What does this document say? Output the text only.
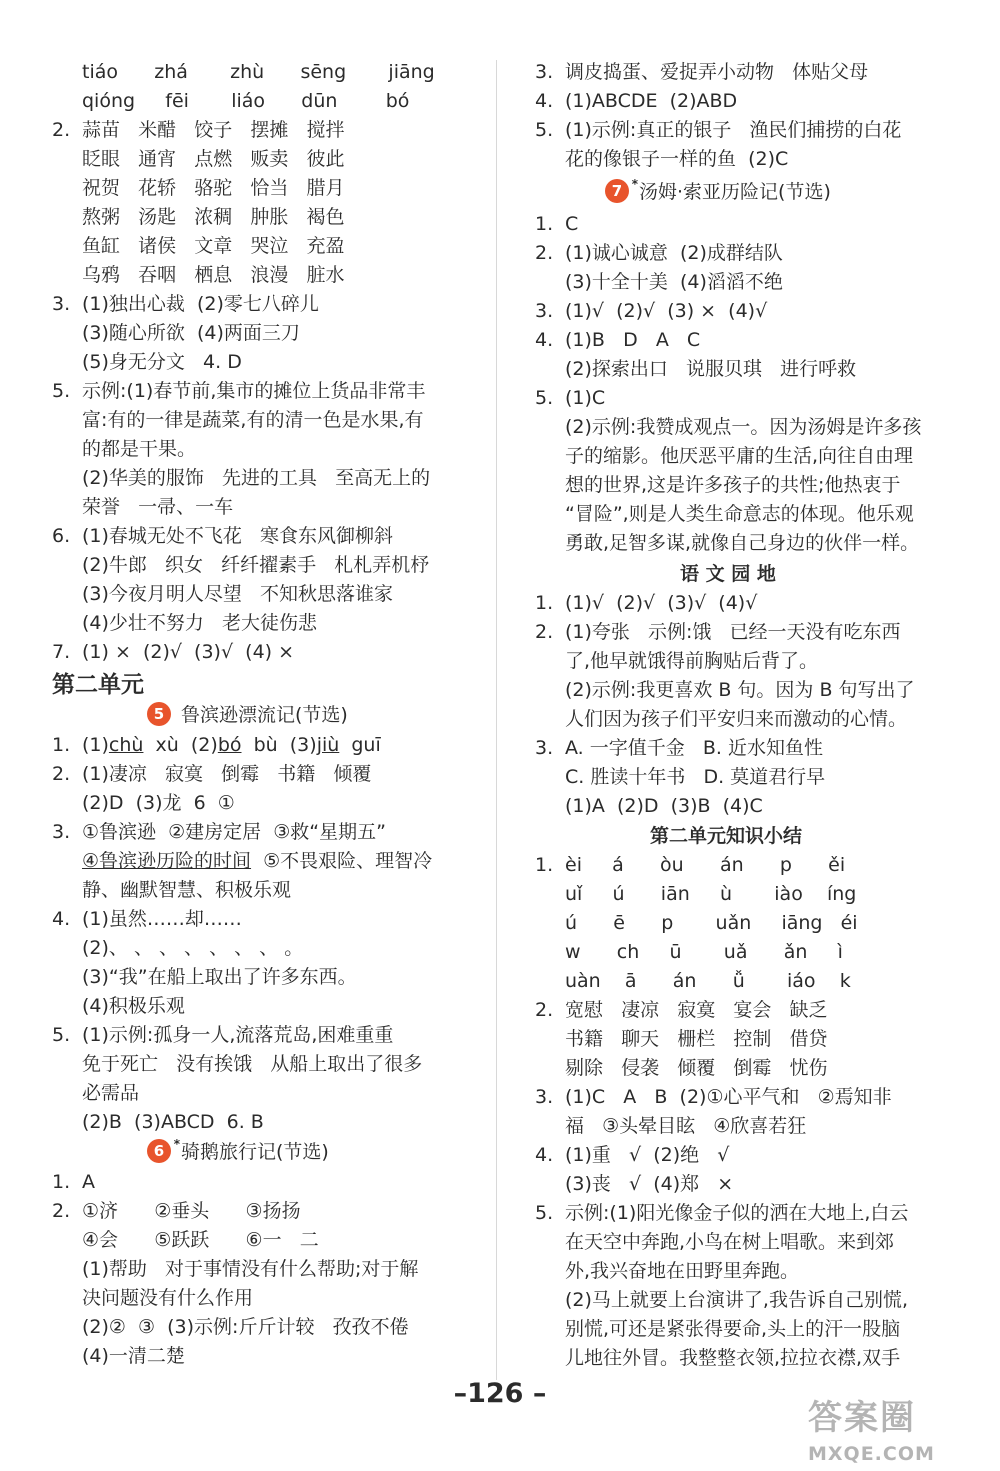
tiáo      zhá       zhù      sēng       jiāng
qióng     fēi       liáo      dūn        bó
2. 蒜苗   米醋   饺子   摆摊   搅拌
眨眼   通宵   点燃   贩卖   彼此
祝贺   花轿   骆驼   恰当   腊月
熬粥   汤匙   浓稠   肿胀   褐色
鱼缸   诸侯   文章   哭泣   充盈
乌鸦   吞咽   栖息   浪漫   脏水
3. (1)独出心裁  (2)零七八碎儿
(3)随心所欲  (4)两面三刀
(5)身无分文   4. D
5. 示例:(1)春节前,集市的摊位上货品非常丰
富:有的一律是蔬菜,有的清一色是水果,有
的都是干果。
(2)华美的服饰   先进的工具   至高无上的
荣誉   一帚、一车
6. (1)春城无处不飞花   寒食东风御柳斜
(2)牛郎   织女   纤纤擢素手   札札弄机杼
(3)今夜月明人尽望   不知秋思落谁家
(4)少壮不努力   老大徒伤悲
7. (1) ×  (2)√  (3)√  (4) ×
第二单元
5 鲁滨逊漂流记(节选)
1. (1)chù  xù  (2)bó  bù  (3)jiù  guī
2. (1)凄凉   寂寞   倒霉   书籍   倾覆
(2)D  (3)龙  6  ①
3. ①鲁滨逊  ②建房定居  ③救“星期五”
④鲁滨逊历险的时间  ⑤不畏艰险、理智冷
静、幽默智慧、积极乐观
4. (1)虽然……却……
(2)、 、 、 、 、 、 、 。
(3)“我”在船上取出了许多东西。
(4)积极乐观
5. (1)示例:孤身一人,流落荒岛,困难重重
免于死亡   没有挨饿   从船上取出了很多
必需品
(2)B  (3)ABCD  6. B
6 * 骑鹅旅行记(节选)
1. A
2. ①济      ②垂头      ③扬扬
④会      ⑤跃跃      ⑥一   二
(1)帮助   对于事情没有什么帮助;对于解
决问题没有什么作用
(2)②  ③  (3)示例:斤斤计较   孜孜不倦
(4)一清二楚
3. 调皮捣蛋、爱捉弄小动物   体贴父母
4. (1)ABCDE  (2)ABD
5. (1)示例:真正的银子   渔民们捕捞的白花
花的像银子一样的鱼  (2)C
7 * 汤姆·索亚历险记(节选)
1. C
2. (1)诚心诚意  (2)成群结队
(3)十全十美  (4)滔滔不绝
3. (1)√  (2)√  (3) ×  (4)√
4. (1)B   D   A   C
(2)探索出口   说服贝琪   进行呼救
5. (1)C
(2)示例:我赞成观点一。因为汤姆是许多孩
子的缩影。他厌恶平庸的生活,向往自由理
想的世界,这是许多孩子的共性;他热衷于
“冒险”,则是人类生命意志的体现。他乐观
勇敢,足智多谋,就像自己身边的伙伴一样。
语 文 园 地
1. (1)√  (2)√  (3)√  (4)√
2. (1)夸张   示例:饿   已经一天没有吃东西
了,他早就饿得前胸贴后背了。
(2)示例:我更喜欢 B 句。因为 B 句写出了
人们因为孩子们平安归来而激动的心情。
3. A. 一字值千金   B. 近水知鱼性
C. 胜读十年书   D. 莫道君行早
(1)A  (2)D  (3)B  (4)C
第二单元知识小结
1. èi     á      òu      án      p      ěi
uǐ     ú      iān     ù       iào    íng
ú      ē      p       uǎn     iāng   éi
w      ch     ū       uǎ      ǎn     ì
uàn    ā      án      ǚ       iáo    k
2. 宽慰   凄凉   寂寞   宴会   缺乏
书籍   聊天   栅栏   控制   借贷
剔除   侵袭   倾覆   倒霉   忧伤
3. (1)C   A   B  (2)①心平气和   ②焉知非
福   ③头晕目眩   ④欣喜若狂
4. (1)重   √  (2)绝   √
(3)丧   √  (4)郑   ×
5. 示例:(1)阳光像金子似的洒在大地上,白云
在天空中奔跑,小鸟在树上唱歌。来到郊
外,我兴奋地在田野里奔跑。
(2)马上就要上台演讲了,我告诉自己别慌,
别慌,可还是紧张得要命,头上的汗一股脑
儿地往外冒。我整整衣领,拉拉衣襟,双手
–126 –
答案圈
MXQE.COM
